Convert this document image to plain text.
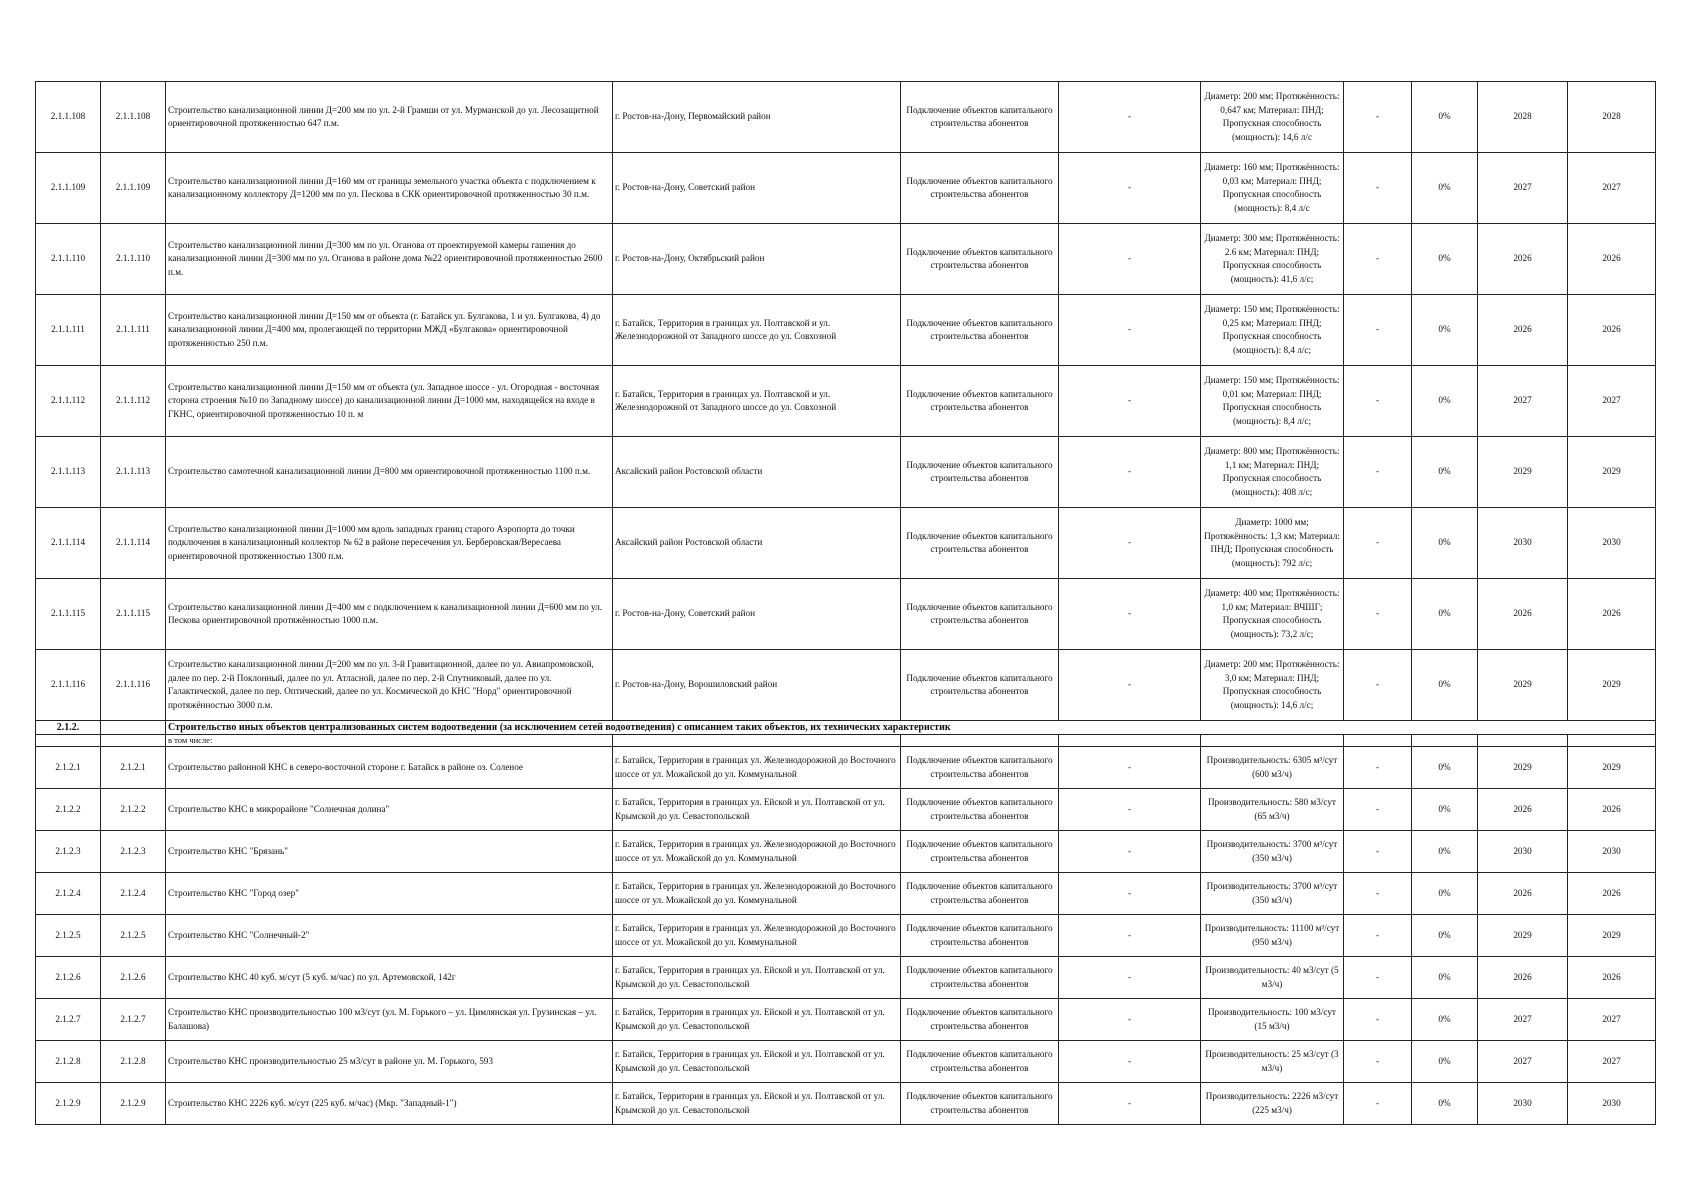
2.1.1.108	2.1.1.108	Строительство канализационной линии Д=200 мм по ул. 2-й Грамши от ул. Мурманской до ул. Лесозащитной ориентировочной протяженностью 647 п.м.	г. Ростов-на-Дону, Первомайский район	Подключение объектов капитального строительства абонентов	-	Диаметр: 200 мм; Протяжённость: 0,647 км; Материал: ПНД; Пропускная способность (мощность): 14,6 л/с	-	0%	2028	2028
2.1.1.109	2.1.1.109	Строительство канализационной линии Д=160 мм от границы земельного участка объекта с подключением к канализационному коллектору Д=1200 мм по ул. Пескова в СКК ориентировочной протяженностью 30 п.м.	г. Ростов-на-Дону, Советский район	Подключение объектов капитального строительства абонентов	-	Диаметр: 160 мм; Протяжённость: 0,03 км; Материал: ПНД; Пропускная способность (мощность): 8,4 л/с	-	0%	2027	2027
2.1.1.110	2.1.1.110	Строительство канализационной линии Д=300 мм по ул. Оганова от проектируемой камеры гашения до канализационной линии Д=300 мм по ул. Оганова в районе дома №22 ориентировочной протяженностью 2600 п.м.	г. Ростов-на-Дону, Октябрьский район	Подключение объектов капитального строительства абонентов	-	Диаметр: 300 мм; Протяжённость: 2.6 км; Материал: ПНД; Пропускная способность (мощность): 41,6 л/с;	-	0%	2026	2026
2.1.1.111	2.1.1.111	Строительство канализационной линии Д=150 мм от объекта (г. Батайск ул. Булгакова, 1 и ул. Булгакова, 4) до канализационной линии Д=400 мм, пролегающей по территории МЖД «Булгакова» ориентировочной протяженностью 250 п.м.	г. Батайск, Территория в границах ул. Полтавской и ул. Железнодорожной от Западного шоссе до ул. Совхозной	Подключение объектов капитального строительства абонентов	-	Диаметр: 150 мм; Протяжённость: 0,25 км; Материал: ПНД; Пропускная способность (мощность): 8,4 л/с;	-	0%	2026	2026
2.1.1.112	2.1.1.112	Строительство канализационной линии Д=150 мм от объекта (ул. Западное шоссе - ул. Огородная - восточная сторона строения №10 по Западному шоссе) до канализационной линии Д=1000 мм, находящейся на входе в ГКНС, ориентировочной протяженностью 10 п. м	г. Батайск, Территория в границах ул. Полтавской и ул. Железнодорожной от Западного шоссе до ул. Совхозной	Подключение объектов капитального строительства абонентов	-	Диаметр: 150 мм; Протяжённость: 0,01 км; Материал: ПНД; Пропускная способность (мощность): 8,4 л/с;	-	0%	2027	2027
2.1.1.113	2.1.1.113	Строительство самотечной канализационной линии Д=800 мм ориентировочной протяженностью 1100 п.м.	Аксайский район Ростовской области	Подключение объектов капитального строительства абонентов	-	Диаметр: 800 мм; Протяжённость: 1,1 км; Материал: ПНД; Пропускная способность (мощность): 408 л/с;	-	0%	2029	2029
2.1.1.114	2.1.1.114	Строительство канализационной линии Д=1000 мм вдоль западных границ старого Аэропорта до точки подключения в канализационный коллектор № 62 в районе пересечения ул. Берберовская/Вересаева ориентировочной протяженностью 1300 п.м.	Аксайский район Ростовской области	Подключение объектов капитального строительства абонентов	-	Диаметр: 1000 мм; Протяжённость: 1,3 км; Материал: ПНД; Пропускная способность (мощность): 792 л/с;	-	0%	2030	2030
2.1.1.115	2.1.1.115	Строительство канализационной линии Д=400 мм с подключением к канализационной линии Д=600 мм по ул. Пескова ориентировочной протяжённостью 1000 п.м.	г. Ростов-на-Дону, Советский район	Подключение объектов капитального строительства абонентов	-	Диаметр: 400 мм; Протяжённость: 1,0 км; Материал: ВЧШГ; Пропускная способность (мощность): 73,2 л/с;	-	0%	2026	2026
2.1.1.116	2.1.1.116	Строительство канализационной линии Д=200 мм по ул. 3-й Гравитационной, далее по ул. Авиапромовской, далее по пер. 2-й Поклонный, далее по ул. Атласной, далее по пер. 2-й Спутниковый, далее по ул. Галактической, далее по пер. Оптический, далее по ул. Космической до КНС "Норд" ориентировочной протяжённостью 3000 п.м.	г. Ростов-на-Дону, Ворошиловский район	Подключение объектов капитального строительства абонентов	-	Диаметр: 200 мм; Протяжённость: 3,0 км; Материал: ПНД; Пропускная способность (мощность): 14,6 л/с;	-	0%	2029	2029
2.1.2.		Строительство иных объектов централизованных систем водоотведения (за исключением сетей водоотведения) с описанием таких объектов, их технических характеристик								
		в том числе:								
2.1.2.1	2.1.2.1	Строительство районной КНС в северо-восточной стороне г. Батайск в районе оз. Соленое	г. Батайск, Территория в границах ул. Железнодорожной до Восточного шоссе от ул. Можайской до ул. Коммунальной	Подключение объектов капитального строительства абонентов	-	Производительность: 6305 м³/сут (600 м3/ч)	-	0%	2029	2029
2.1.2.2	2.1.2.2	Строительство КНС в микрорайоне "Солнечная долина"	г. Батайск, Территория в границах ул. Ейской и ул. Полтавской от ул. Крымской до ул. Севастопольской	Подключение объектов капитального строительства абонентов	-	Производительность: 580 м3/сут (65 м3/ч)	-	0%	2026	2026
2.1.2.3	2.1.2.3	Строительство КНС "Брязань"	г. Батайск, Территория в границах ул. Железнодорожной до Восточного шоссе от ул. Можайской до ул. Коммунальной	Подключение объектов капитального строительства абонентов	-	Производительность: 3700 м³/сут (350 м3/ч)	-	0%	2030	2030
2.1.2.4	2.1.2.4	Строительство КНС "Город озер"	г. Батайск, Территория в границах ул. Железнодорожной до Восточного шоссе от ул. Можайской до ул. Коммунальной	Подключение объектов капитального строительства абонентов	-	Производительность: 3700 м³/сут (350 м3/ч)	-	0%	2026	2026
2.1.2.5	2.1.2.5	Строительство КНС "Солнечный-2"	г. Батайск, Территория в границах ул. Железнодорожной до Восточного шоссе от ул. Можайской до ул. Коммунальной	Подключение объектов капитального строительства абонентов	-	Производительность: 11100 м³/сут (950 м3/ч)	-	0%	2029	2029
2.1.2.6	2.1.2.6	Строительство КНС 40 куб. м/сут (5 куб. м/час) по ул. Артемовской, 142г	г. Батайск, Территория в границах ул. Ейской и ул. Полтавской от ул. Крымской до ул. Севастопольской	Подключение объектов капитального строительства абонентов	-	Производительность: 40 м3/сут (5 м3/ч)	-	0%	2026	2026
2.1.2.7	2.1.2.7	Строительство КНС производительностью 100 м3/сут (ул. М. Горького – ул. Цимлянская ул. Грузинская – ул. Балашова)	г. Батайск, Территория в границах ул. Ейской и ул. Полтавской от ул. Крымской до ул. Севастопольской	Подключение объектов капитального строительства абонентов	-	Производительность: 100 м3/сут (15 м3/ч)	-	0%	2027	2027
2.1.2.8	2.1.2.8	Строительство КНС производительностью 25 м3/сут в районе ул. М. Горького, 593	г. Батайск, Территория в границах ул. Ейской и ул. Полтавской от ул. Крымской до ул. Севастопольской	Подключение объектов капитального строительства абонентов	-	Производительность: 25 м3/сут (3 м3/ч)	-	0%	2027	2027
2.1.2.9	2.1.2.9	Строительство КНС 2226 куб. м/сут (225 куб. м/час) (Мкр. "Западный-1")	г. Батайск, Территория в границах ул. Ейской и ул. Полтавской от ул. Крымской до ул. Севастопольской	Подключение объектов капитального строительства абонентов	-	Производительность: 2226 м3/сут (225 м3/ч)	-	0%	2030	2030
